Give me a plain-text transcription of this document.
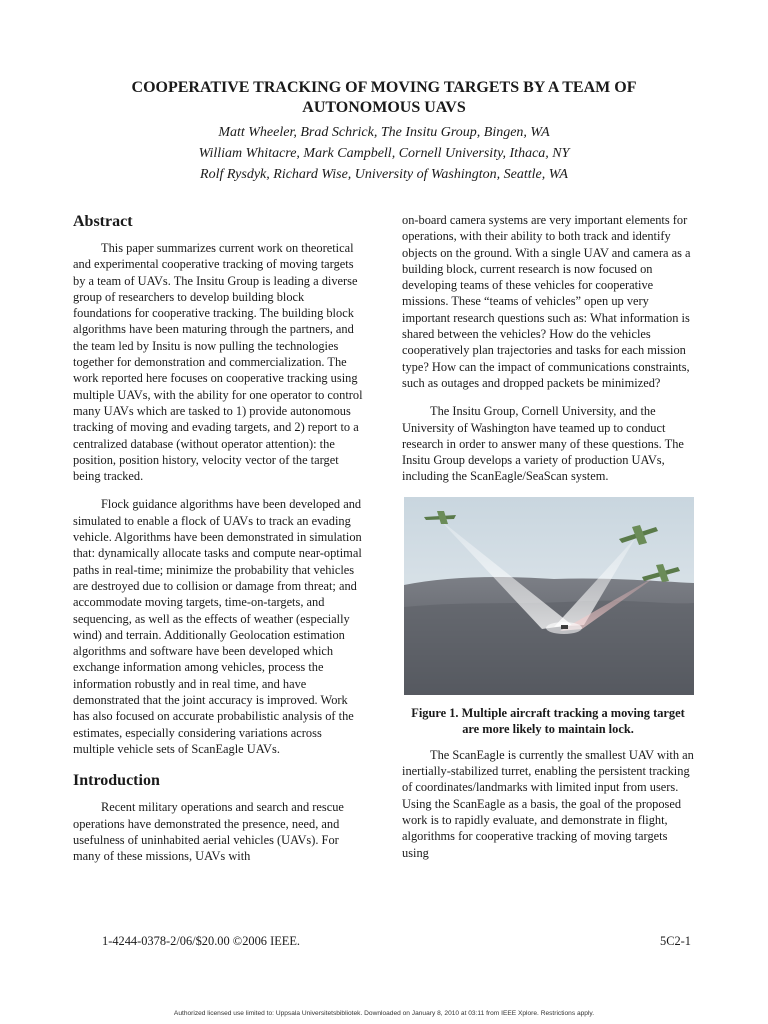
COOPERATIVE TRACKING OF MOVING TARGETS BY A TEAM OF
AUTONOMOUS UAVS
Matt Wheeler, Brad Schrick, The Insitu Group, Bingen, WA
William Whitacre, Mark Campbell, Cornell University, Ithaca, NY
Rolf Rysdyk, Richard Wise, University of Washington, Seattle, WA
Abstract

This paper summarizes current work on theoretical and experimental cooperative tracking of moving targets by a team of UAVs. The Insitu Group is leading a diverse group of researchers to develop building block foundations for cooperative tracking. The building block algorithms have been maturing through the partners, and the team led by Insitu is now pulling the technologies together for demonstration and commercialization. The work reported here focuses on cooperative tracking using multiple UAVs, with the ability for one operator to control many UAVs which are tasked to 1) provide autonomous tracking of moving and evading targets, and 2) report to a centralized database (without operator attention): the position, position history, velocity vector of the target being tracked.

Flock guidance algorithms have been developed and simulated to enable a flock of UAVs to track an evading vehicle. Algorithms have been demonstrated in simulation that: dynamically allocate tasks and compute near-optimal paths in real-time; minimize the probability that vehicles are destroyed due to collision or damage from threat; and accommodate moving targets, time-on-targets, and sequencing, as well as the effects of weather (especially wind) and terrain. Additionally Geolocation estimation algorithms and software have been developed which exchange information among vehicles, process the information robustly and in real time, and have demonstrated that the joint accuracy is improved. Work has also focused on accurate probabilistic analysis of the estimates, especially considering variations across multiple vehicle sets of ScanEagle UAVs.

Introduction

Recent military operations and search and rescue operations have demonstrated the presence, need, and usefulness of uninhabited aerial vehicles (UAVs). For many of these missions, UAVs with

on-board camera systems are very important elements for operations, with their ability to both track and identify objects on the ground. With a single UAV and camera as a building block, current research is now focused on developing teams of these vehicles for cooperative missions. These “teams of vehicles” open up very important research questions such as: What information is shared between the vehicles? How do the vehicles cooperatively plan trajectories and tasks for each mission type? How can the impact of communications constraints, such as outages and dropped packets be minimized?

The Insitu Group, Cornell University, and the University of Washington have teamed up to conduct research in order to answer many of these questions. The Insitu Group develops a variety of production UAVs, including the ScanEagle/SeaScan system.

Figure 1. Multiple aircraft tracking a moving target are more likely to maintain lock.

The ScanEagle is currently the smallest UAV with an inertially-stabilized turret, enabling the persistent tracking of coordinates/landmarks with limited input from users. Using the ScanEagle as a basis, the goal of the proposed work is to rapidly evaluate, and demonstrate in flight, algorithms for cooperative tracking of moving targets using

1-4244-0378-2/06/$20.00 ©2006 IEEE.	5C2-1
Authorized licensed use limited to: Uppsala Universitetsbibliotek. Downloaded on January 8, 2010 at 03:11 from IEEE Xplore. Restrictions apply.
